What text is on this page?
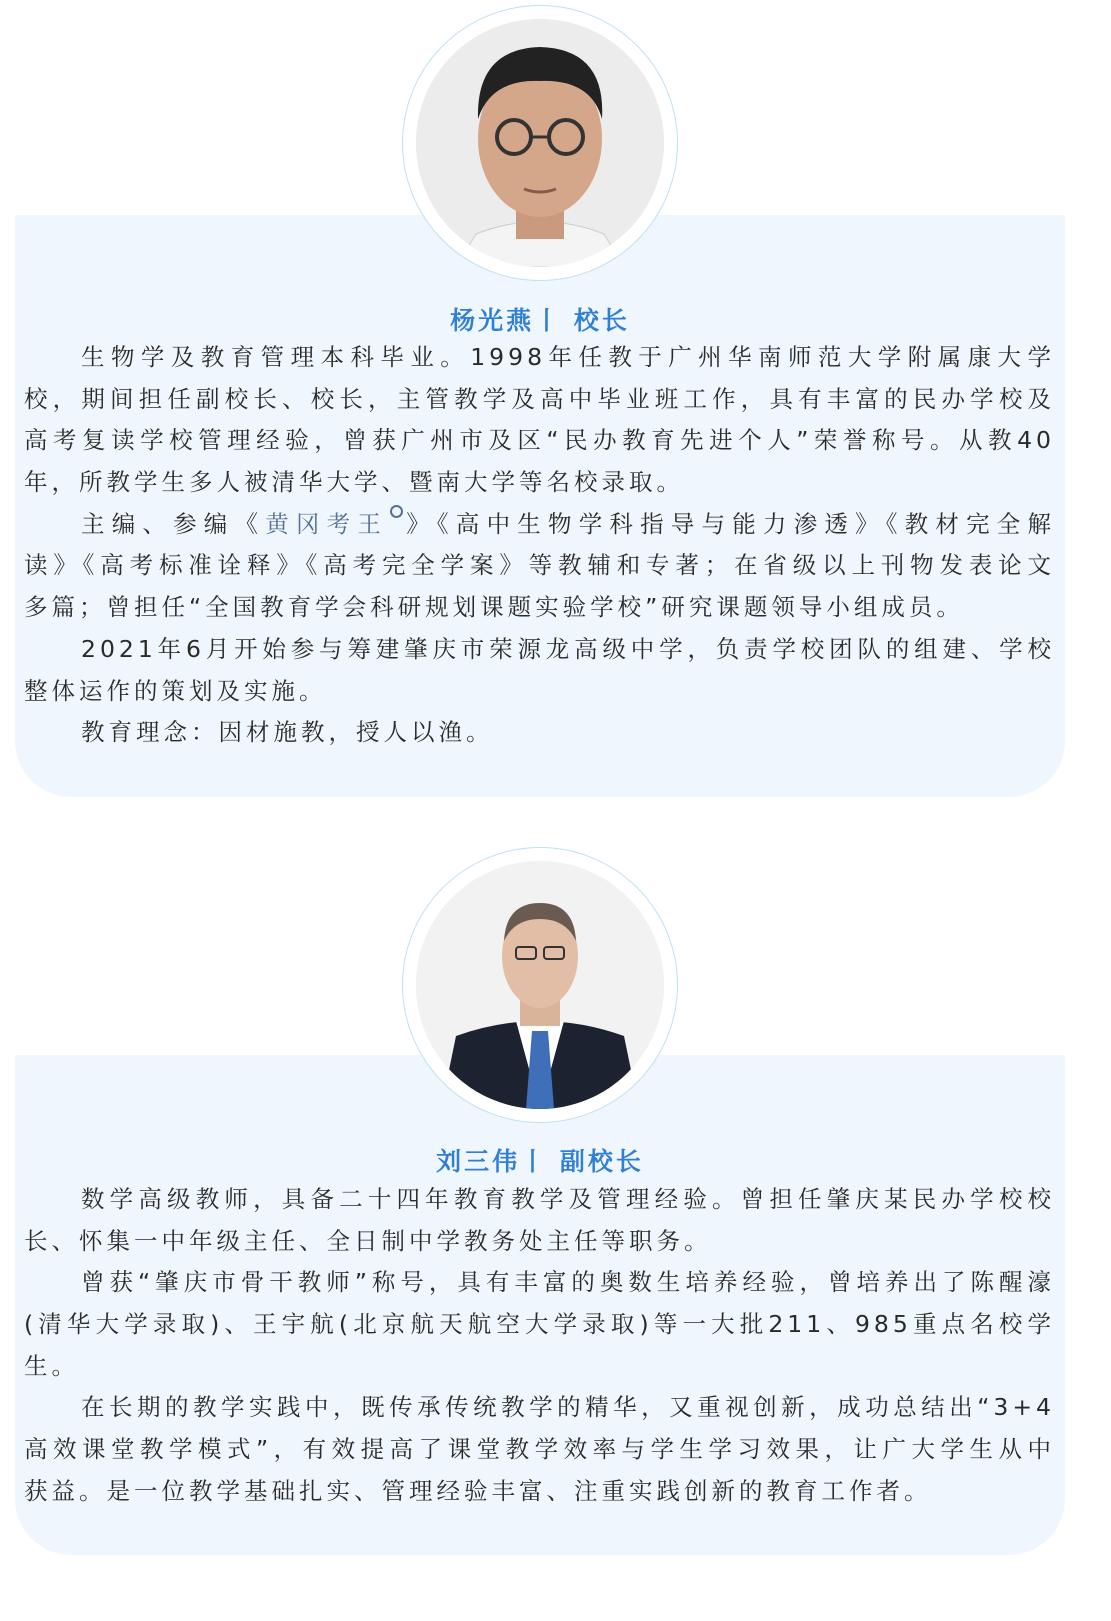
杨光燕丨 校长
生物学及教育管理本科毕业。1998年任教于广州华南师范大学附属康大学
校，期间担任副校长、校长，主管教学及高中毕业班工作，具有丰富的民办学校及
高考复读学校管理经验，曾获广州市及区“民办教育先进个人”荣誉称号。从教40
年，所教学生多人被清华大学、暨南大学等名校录取。
主编、参编《黄冈考王 》《高中生物学科指导与能力渗透》《教材完全解
读》《高考标准诠释》《高考完全学案》等教辅和专著；在省级以上刊物发表论文
多篇；曾担任“全国教育学会科研规划课题实验学校”研究课题领导小组成员。
2021年6月开始参与筹建肇庆市荣源龙高级中学，负责学校团队的组建、学校
整体运作的策划及实施。
教育理念：因材施教，授人以渔。
刘三伟丨 副校长
数学高级教师，具备二十四年教育教学及管理经验。曾担任肇庆某民办学校校
长、怀集一中年级主任、全日制中学教务处主任等职务。
曾获“肇庆市骨干教师”称号，具有丰富的奥数生培养经验，曾培养出了陈醒濠
(清华大学录取)、王宇航(北京航天航空大学录取)等一大批211、985重点名校学
生。
在长期的教学实践中，既传承传统教学的精华，又重视创新，成功总结出“3+4
高效课堂教学模式”，有效提高了课堂教学效率与学生学习效果，让广大学生从中
获益。是一位教学基础扎实、管理经验丰富、注重实践创新的教育工作者。
